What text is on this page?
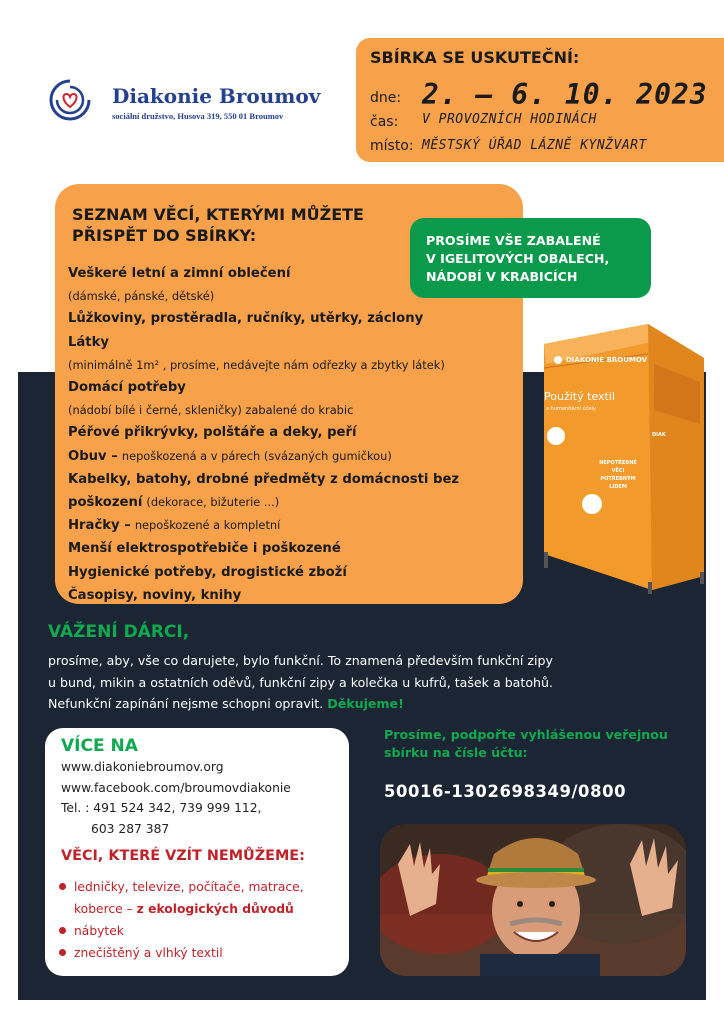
Diakonie Broumov
sociální družstvo, Husova 319, 550 01 Broumov
SBÍRKA SE USKUTEČNÍ:
dne: 2. – 6. 10. 2023
čas: V PROVOZNÍCH HODINÁCH
místo: MĚSTSKÝ ÚŘAD LÁZNĚ KYNŽVART
SEZNAM VĚCÍ, KTERÝMI MŮŽETE
PŘISPĚT DO SBÍRKY:
Veškeré letní a zimní oblečení
(dámské, pánské, dětské)
Lůžkoviny, prostěradla, ručníky, utěrky, záclony
Látky
(minimálně 1m² , prosíme, nedávejte nám odřezky a zbytky látek)
Domácí potřeby
(nádobí bílé i černé, skleničky) zabalené do krabic
Péřové přikrývky, polštáře a deky, peří
Obuv – nepoškozená a v párech (svázaných gumičkou)
Kabelky, batohy, drobné předměty z domácnosti bez
poškození (dekorace, bižuterie ...)
Hračky – nepoškozené a kompletní
Menší elektrospotřebiče i poškozené
Hygienické potřeby, drogistické zboží
Časopisy, noviny, knihy
PROSÍME VŠE ZABALENÉ
V IGELITOVÝCH OBALECH,
NÁDOBÍ V KRABICÍCH
DIAKONIE BROUMOV
Použitý textil
a humanitární účely
DIAK
NEPOTŘEBNÉ
VĚCI
POTŘEBNÝM
LIDEM
VÁŽENÍ DÁRCI,
prosíme, aby, vše co darujete, bylo funkční. To znamená především funkční zipy
u bund, mikin a ostatních oděvů, funkční zipy a kolečka u kufrů, tašek a batohů.
Nefunkční zapínání nejsme schopni opravit. Děkujeme!
VÍCE NA
www.diakoniebroumov.org
www.facebook.com/broumovdiakonie
Tel. : 491 524 342, 739 999 112,
603 287 387
VĚCI, KTERÉ VZÍT NEMŮŽEME:
ledničky, televize, počítače, matrace,
koberce – z ekologických důvodů
nábytek
znečištěný a vlhký textil
Prosíme, podpořte vyhlášenou veřejnou
sbírku na čísle účtu:
50016-1302698349/0800
